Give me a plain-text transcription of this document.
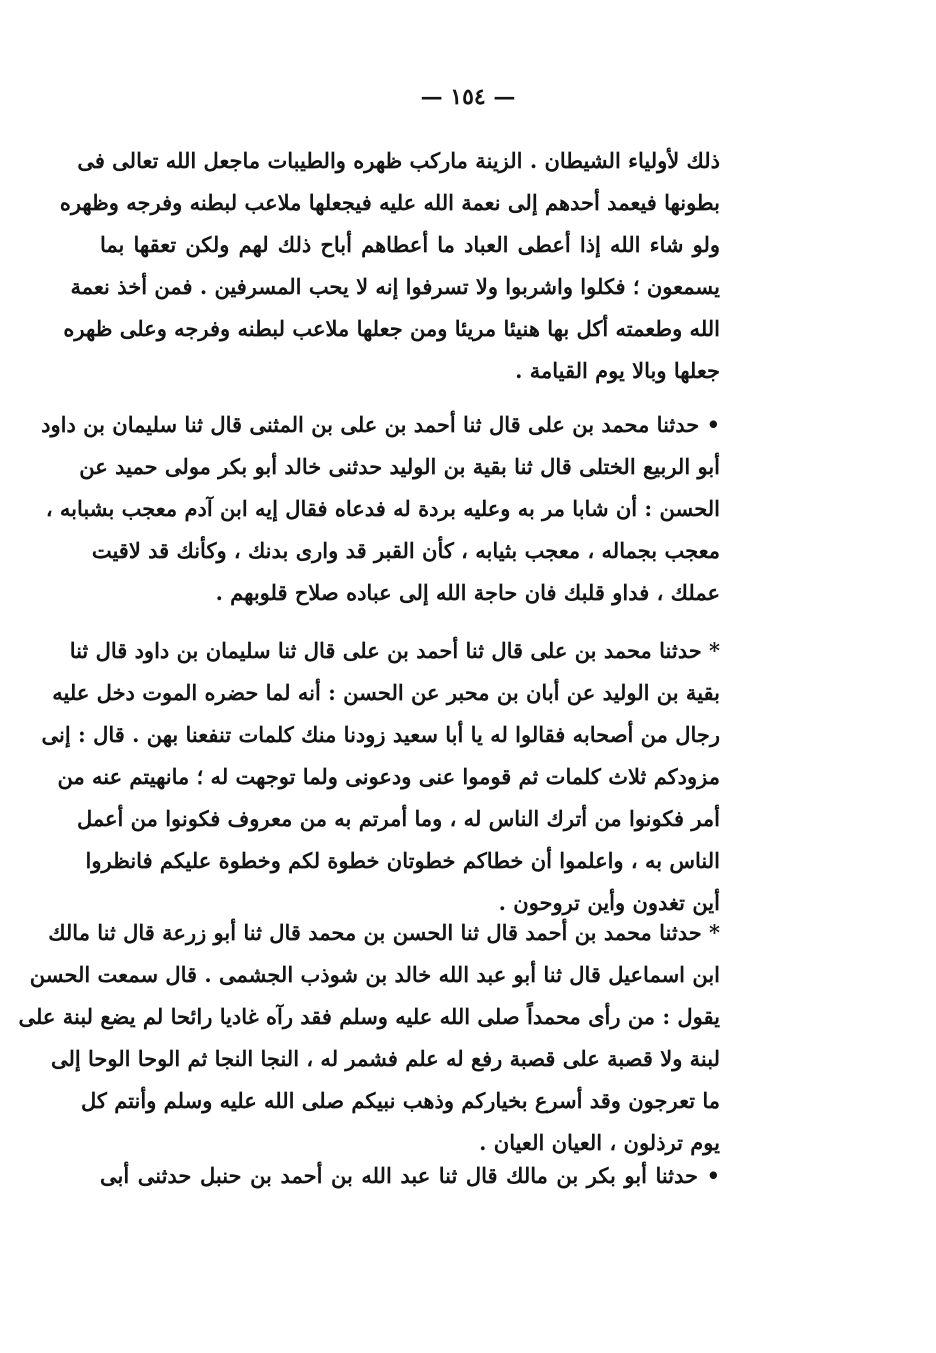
— ١٥٤ —
ذلك لأولياء الشيطان . الزينة ماركب ظهره والطيبات ماجعل الله تعالى فى
بطونها فيعمد أحدهم إلى نعمة الله عليه فيجعلها ملاعب لبطنه وفرجه وظهره
ولو شاء الله إذا أعطى العباد ما أعطاهم أباح ذلك لهم ولكن تعقها بما
يسمعون ؛ فكلوا واشربوا ولا تسرفوا إنه لا يحب المسرفين . فمن أخذ نعمة
الله وطعمته أكل بها هنيئا مريئا ومن جعلها ملاعب لبطنه وفرجه وعلى ظهره
جعلها وبالا يوم القيامة .
• حدثنا محمد بن على قال ثنا أحمد بن على بن المثنى قال ثنا سليمان بن داود
أبو الربيع الختلى قال ثنا بقية بن الوليد حدثنى خالد أبو بكر مولى حميد عن
الحسن : أن شابا مر به وعليه بردة له فدعاه فقال إيه ابن آدم معجب بشبابه ،
معجب بجماله ، معجب بثيابه ، كأن القبر قد وارى بدنك ، وكأنك قد لاقيت
عملك ، فداو قلبك فان حاجة الله إلى عباده صلاح قلوبهم .
* حدثنا محمد بن على قال ثنا أحمد بن على قال ثنا سليمان بن داود قال ثنا
بقية بن الوليد عن أبان بن محبر عن الحسن : أنه لما حضره الموت دخل عليه
رجال من أصحابه فقالوا له يا أبا سعيد زودنا منك كلمات تنفعنا بهن . قال : إنى
مزودكم ثلاث كلمات ثم قوموا عنى ودعونى ولما توجهت له ؛ مانهيتم عنه من
أمر فكونوا من أترك الناس له ، وما أمرتم به من معروف فكونوا من أعمل
الناس به ، واعلموا أن خطاكم خطوتان خطوة لكم وخطوة عليكم فانظروا
أين تغدون وأين تروحون .
* حدثنا محمد بن أحمد قال ثنا الحسن بن محمد قال ثنا أبو زرعة قال ثنا مالك
ابن اسماعيل قال ثنا أبو عبد الله خالد بن شوذب الجشمى . قال سمعت الحسن
يقول : من رأى محمداً صلى الله عليه وسلم فقد رآه غاديا رائحا لم يضع لبنة على
لبنة ولا قصبة على قصبة رفع له علم فشمر له ، النجا النجا ثم الوحا الوحا إلى
ما تعرجون وقد أسرع بخياركم وذهب نبيكم صلى الله عليه وسلم وأنتم كل
يوم ترذلون ، العيان العيان .
• حدثنا أبو بكر بن مالك قال ثنا عبد الله بن أحمد بن حنبل حدثنى أبى
